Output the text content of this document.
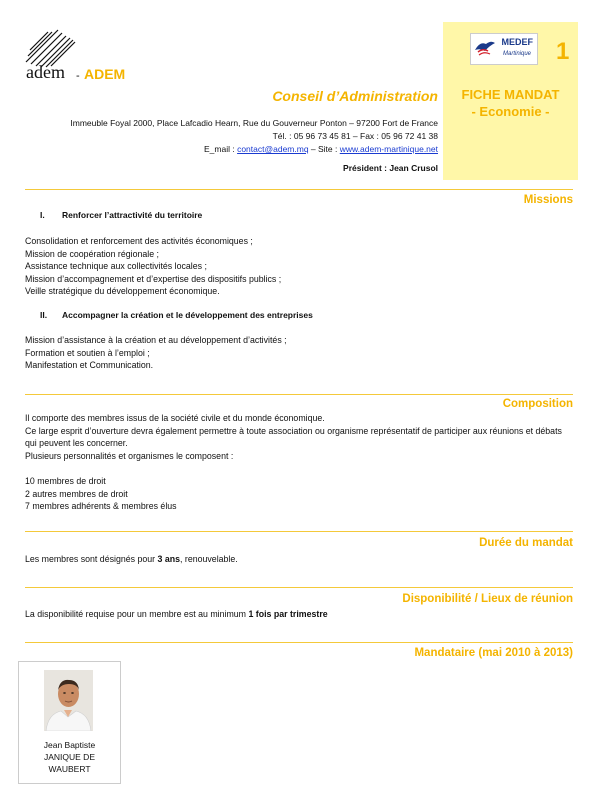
adem - ADEM
Conseil d’Administration
Immeuble Foyal 2000, Place Lafcadio Hearn, Rue du Gouverneur Ponton – 97200 Fort de France
Tél. : 05 96 73 45 81 – Fax : 05 96 72 41 38
E_mail : contact@adem.mq – Site : www.adem-martinique.net
Président : Jean Crusol
MEDEF
Martinique 1
FICHE MANDAT
- Economie -
Missions
I. Renforcer l’attractivité du territoire

Consolidation et renforcement des activités économiques ;

Mission de coopération régionale ;

Assistance technique aux collectivités locales ;

Mission d’accompagnement et d’expertise des dispositifs publics ;

Veille stratégique du développement économique.

II. Accompagner la création et le développement des entreprises

Mission d’assistance à la création et au développement d’activités ;

Formation et soutien à l’emploi ;

Manifestation et Communication.

Composition

Il comporte des membres issus de la société civile et du monde économique.

Ce large esprit d’ouverture devra également permettre à toute association ou organisme représentatif de participer aux réunions et débats qui peuvent les concerner.

Plusieurs personnalités et organismes le composent :

10 membres de droit

2 autres membres de droit

7 membres adhérents & membres élus

Durée du mandat
Les membres sont désignés pour 3 ans, renouvelable.
Disponibilité / Lieux de réunion
La disponibilité requise pour un membre est au minimum 1 fois par trimestre
Mandataire (mai 2010 à 2013)
Jean Baptiste
JANIQUE DE
WAUBERT
